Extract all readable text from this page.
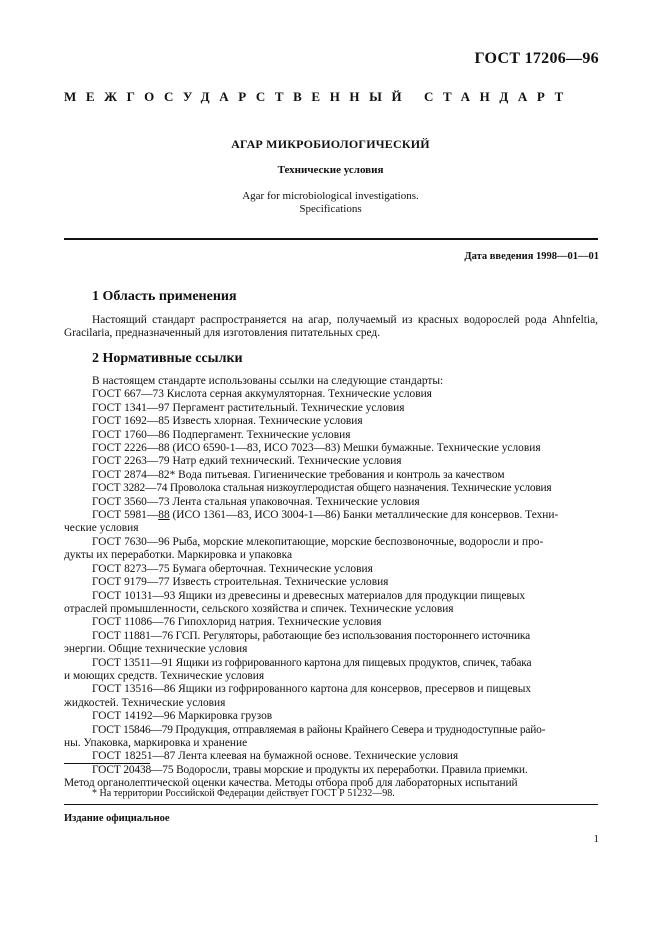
ГОСТ 17206—96
МЕЖГОСУДАРСТВЕННЫЙ СТАНДАРТ
АГАР МИКРОБИОЛОГИЧЕСКИЙ
Технические условия
Agar for microbiological investigations.
Specifications
Дата введения 1998—01—01
1 Область применения
Настоящий стандарт распространяется на агар, получаемый из красных водорослей рода Ahnfeltia, Gracilaria, предназначенный для изготовления питательных сред.
2 Нормативные ссылки
В настоящем стандарте использованы ссылки на следующие стандарты:
ГОСТ 667—73 Кислота серная аккумуляторная. Технические условия
ГОСТ 1341—97 Пергамент растительный. Технические условия
ГОСТ 1692—85 Известь хлорная. Технические условия
ГОСТ 1760—86 Подпергамент. Технические условия
ГОСТ 2226—88 (ИСО 6590-1—83, ИСО 7023—83) Мешки бумажные. Технические условия
ГОСТ 2263—79 Натр едкий технический. Технические условия
ГОСТ 2874—82* Вода питьевая. Гигиенические требования и контроль за качеством
ГОСТ 3282—74 Проволока стальная низкоуглеродистая общего назначения. Технические условия
ГОСТ 3560—73 Лента стальная упаковочная. Технические условия
ГОСТ 5981—88 (ИСО 1361—83, ИСО 3004-1—86) Банки металлические для консервов. Техни-
ческие условия
ГОСТ 7630—96 Рыба, морские млекопитающие, морские беспозвоночные, водоросли и про-
дукты их переработки. Маркировка и упаковка
ГОСТ 8273—75 Бумага оберточная. Технические условия
ГОСТ 9179—77 Известь строительная. Технические условия
ГОСТ 10131—93 Ящики из древесины и древесных материалов для продукции пищевых
отраслей промышленности, сельского хозяйства и спичек. Технические условия
ГОСТ 11086—76 Гипохлорид натрия. Технические условия
ГОСТ 11881—76 ГСП. Регуляторы, работающие без использования постороннего источника
энергии. Общие технические условия
ГОСТ 13511—91 Ящики из гофрированного картона для пищевых продуктов, спичек, табака
и моющих средств. Технические условия
ГОСТ 13516—86 Ящики из гофрированного картона для консервов, пресервов и пищевых
жидкостей. Технические условия
ГОСТ 14192—96 Маркировка грузов
ГОСТ 15846—79 Продукция, отправляемая в районы Крайнего Севера и труднодоступные райо-
ны. Упаковка, маркировка и хранение
ГОСТ 18251—87 Лента клеевая на бумажной основе. Технические условия
ГОСТ 20438—75 Водоросли, травы морские и продукты их переработки. Правила приемки.
Метод органолептической оценки качества. Методы отбора проб для лабораторных испытаний
* На территории Российской Федерации действует ГОСТ Р 51232—98.
Издание официальное
1
